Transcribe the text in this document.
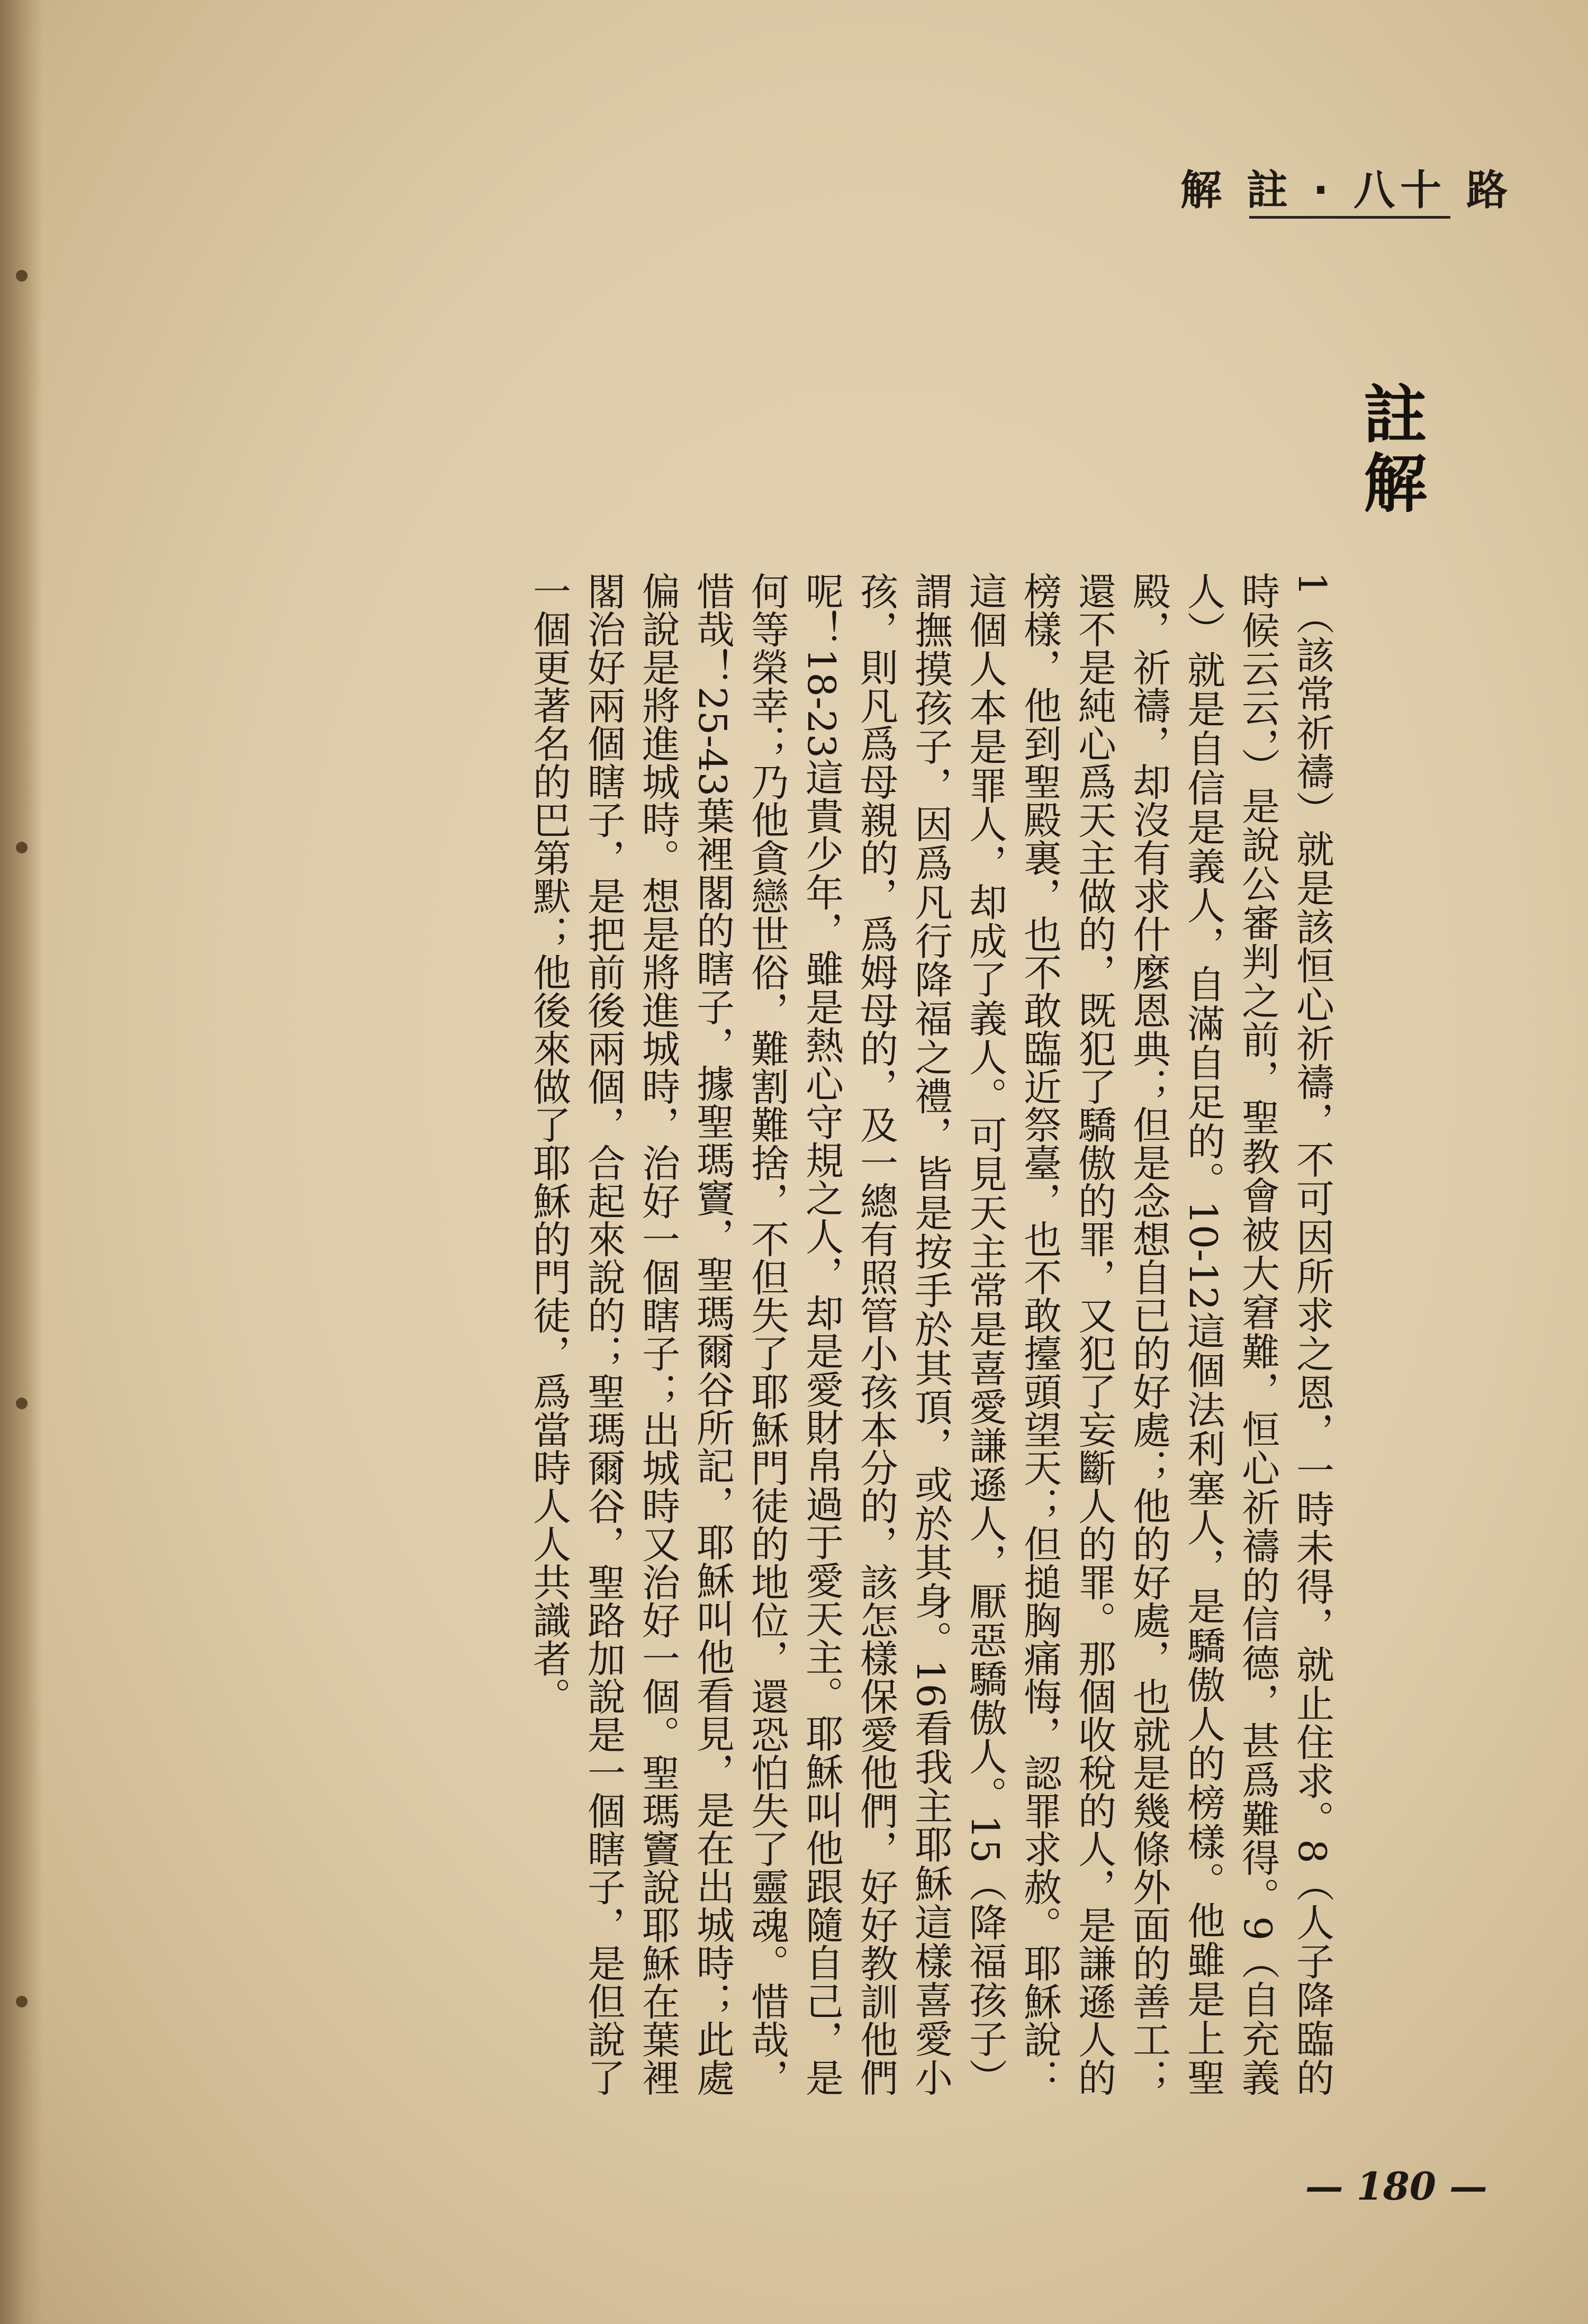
解 註 · 八十 路
註解
1（該常祈禱）就是該恒心祈禱，不可因所求之恩，一時未得，就止住求。8（人子降臨的時候云云，）是說公審判之前，聖教會被大窘難，恒心祈禱的信德，甚爲難得。9（自充義人）就是自信是義人，自滿自足的。10-12這個法利塞人，是驕傲人的榜樣。他雖是上聖殿，祈禱，却沒有求什麼恩典；但是念想自已的好處；他的好處，也就是幾條外面的善工；還不是純心爲天主做的，既犯了驕傲的罪，又犯了妄斷人的罪。那個收稅的人，是謙遜人的榜樣，他到聖殿裏，也不敢臨近祭臺，也不敢擡頭望天；但搥胸痛悔，認罪求赦。耶穌說：這個人本是罪人，却成了義人。可見天主常是喜愛謙遜人，厭惡驕傲人。15（降福孩子）謂撫摸孩子，因爲凡行降福之禮，皆是按手於其頂，或於其身。16看我主耶穌這樣喜愛小孩，則凡爲母親的，爲姆母的，及一總有照管小孩本分的，該怎樣保愛他們，好好教訓他們呢！18-23這貴少年，雖是熱心守規之人，却是愛財帛過于愛天主。耶穌叫他跟隨自己，是何等榮幸；乃他貪戀世俗，難割難捨，不但失了耶穌門徒的地位，還恐怕失了靈魂。惜哉，惜哉！25-43葉裡閣的瞎子，據聖瑪竇，聖瑪爾谷所記，耶穌叫他看見，是在出城時；此處偏說是將進城時。想是將進城時，治好一個瞎子；出城時又治好一個。聖瑪竇說耶穌在葉裡閣治好兩個瞎子，是把前後兩個，合起來說的；聖瑪爾谷，聖路加說是一個瞎子，是但說了一個更著名的巴第默；他後來做了耶穌的門徒，爲當時人人共識者。
— 180 —
